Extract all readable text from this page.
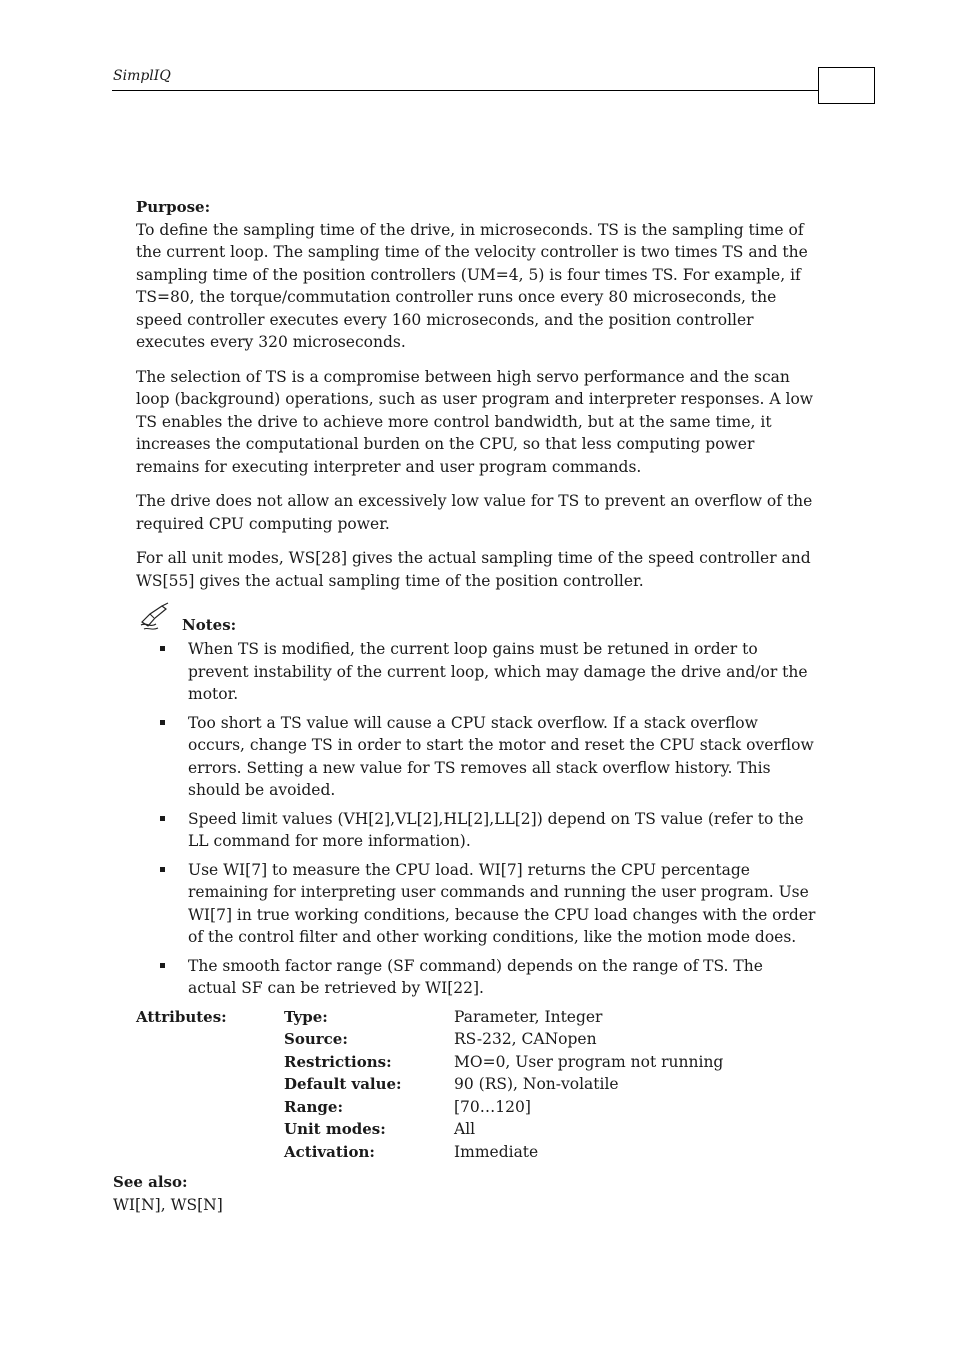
SimplIQ
Purpose:

To define the sampling time of the drive, in microseconds. TS is the sampling time of the current loop. The sampling time of the velocity controller is two times TS and the sampling time of the position controllers (UM=4, 5) is four times TS. For example, if TS=80, the torque/commutation controller runs once every 80 microseconds, the speed controller executes every 160 microseconds, and the position controller executes every 320 microseconds.

The selection of TS is a compromise between high servo performance and the scan loop (background) operations, such as user program and interpreter responses. A low TS enables the drive to achieve more control bandwidth, but at the same time, it increases the computational burden on the CPU, so that less computing power remains for executing interpreter and user program commands.

The drive does not allow an excessively low value for TS to prevent an overflow of the required CPU computing power.

For all unit modes, WS[28] gives the actual sampling time of the speed controller and WS[55] gives the actual sampling time of the position controller.

Notes:
When TS is modified, the current loop gains must be retuned in order to prevent instability of the current loop, which may damage the drive and/or the motor.
Too short a TS value will cause a CPU stack overflow. If a stack overflow occurs, change TS in order to start the motor and reset the CPU stack overflow errors. Setting a new value for TS removes all stack overflow history. This should be avoided.
Speed limit values (VH[2],VL[2],HL[2],LL[2]) depend on TS value (refer to the LL command for more information).
Use WI[7] to measure the CPU load. WI[7] returns the CPU percentage remaining for interpreting user commands and running the user program. Use WI[7] in true working conditions, because the CPU load changes with the order of the control filter and other working conditions, like the motion mode does.
The smooth factor range (SF command) depends on the range of TS. The actual SF can be retrieved by WI[22].
Attributes:	Type:	Parameter, Integer
Source:	RS-232, CANopen
Restrictions:	MO=0, User program not running
Default value:	90 (RS), Non-volatile
Range:	[70…120]
Unit modes:	All
Activation:	Immediate
See also:
WI[N], WS[N]
